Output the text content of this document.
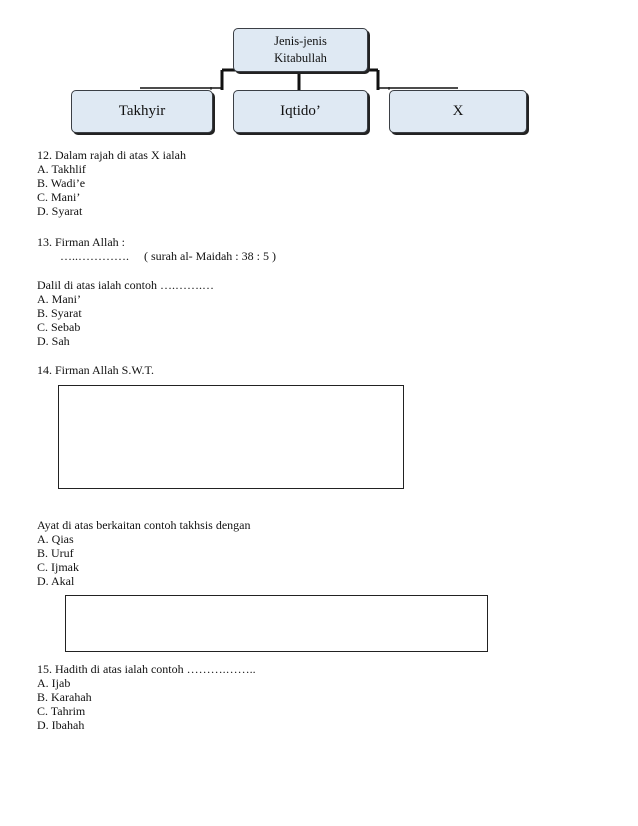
Jenis-jenis
Kitabullah
Takhyir	Iqtido’	X
12. Dalam rajah di atas X ialah
A. Takhlif
B. Wadi’e
C. Mani’
D. Syarat
13. Firman Allah :
…..………….     ( surah al- Maidah : 38 : 5 )
Dalil di atas ialah contoh ….…….…
A. Mani’
B. Syarat
C. Sebab
D. Sah
14. Firman Allah S.W.T.
Ayat di atas berkaitan contoh takhsis dengan
A. Qias
B. Uruf
C. Ijmak
D. Akal
15. Hadith di atas ialah contoh ……….……..
A. Ijab
B. Karahah
C. Tahrim
D. Ibahah
